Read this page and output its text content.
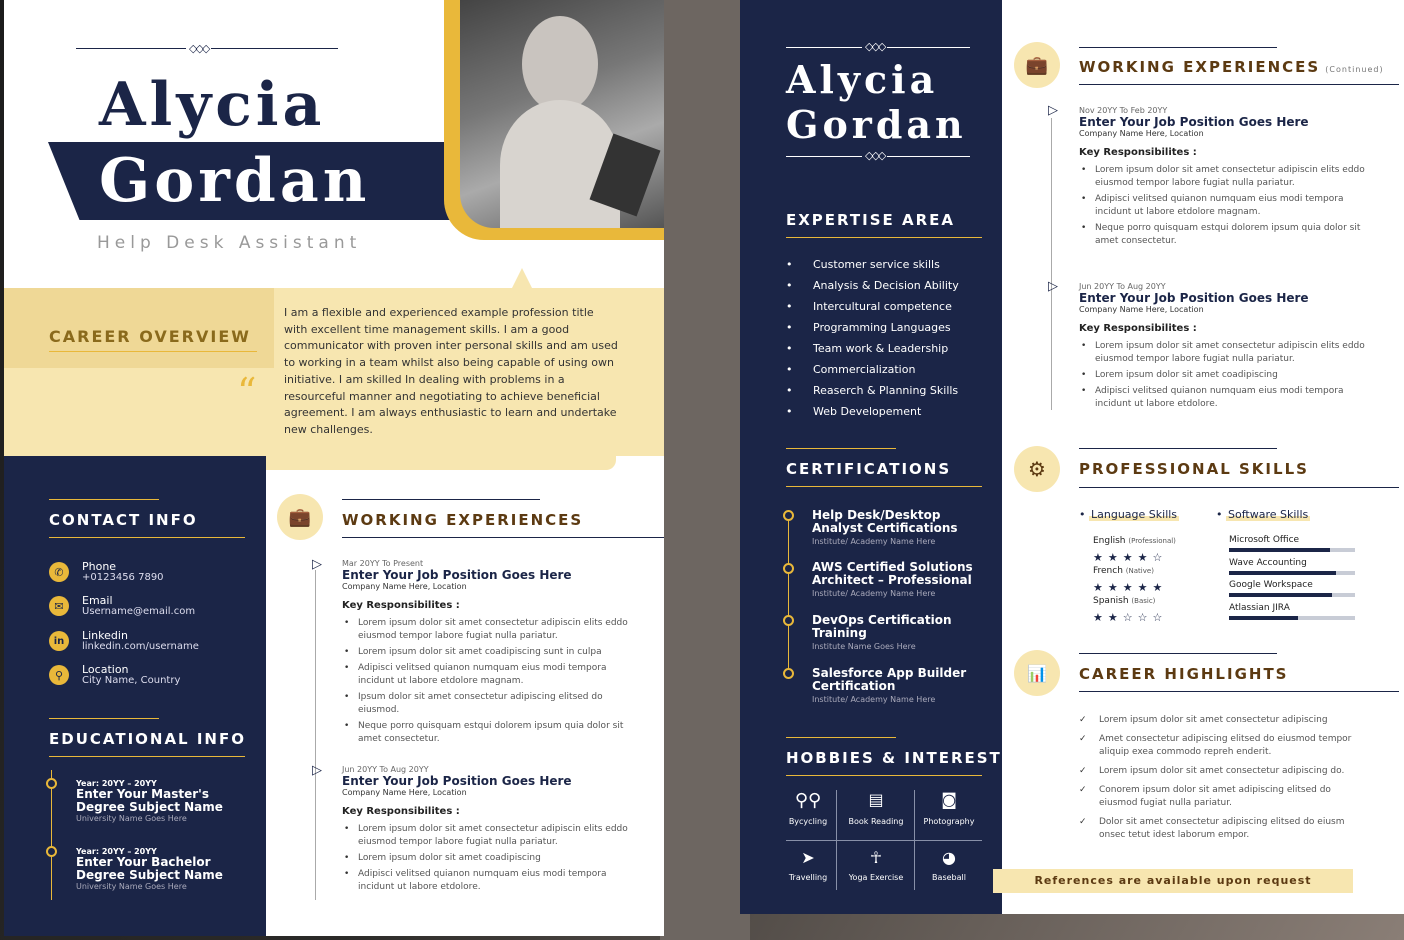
◇◇◇
Alycia
Gordan
Help Desk Assistant
CAREER OVERVIEW
“
I am a flexible and experienced example profession title with excellent time management skills. I am a good communicator with proven inter personal skills and am used to working in a team whilst also being capable of using own initiative. I am skilled In dealing with problems in a resourceful manner and negotiating to achieve beneficial agreement. I am always enthusiastic to learn and undertake new challenges.
CONTACT INFO
✆	Phone
+0123456 7890
✉	Email
Username@email.com
in	Linkedin
linkedin.com/username
⚲	Location
City Name, Country
EDUCATIONAL INFO
Year: 20YY – 20YY
Enter Your Master's Degree Subject Name
University Name Goes Here
Year: 20YY – 20YY
Enter Your Bachelor Degree Subject Name
University Name Goes Here
💼 WORKING EXPERIENCES
▷	Mar 20YY To Present
Enter Your Job Position Goes Here
Company Name Here, Location
Key Responsibilites :
• Lorem ipsum dolor sit amet consectetur adipiscin elits eddo eiusmod tempor labore fugiat nulla pariatur.
• Lorem ipsum dolor sit amet coadipiscing sunt in culpa
• Adipisci velitsed quianon numquam eius modi tempora incidunt ut labore etdolore magnam.
• Ipsum dolor sit amet consectetur adipiscing elitsed do eiusmod.
• Neque porro quisquam estqui dolorem ipsum quia dolor sit amet consectetur.
▷	Jun 20YY To Aug 20YY
Enter Your Job Position Goes Here
Company Name Here, Location
Key Responsibilites :
• Lorem ipsum dolor sit amet consectetur adipiscin elits eddo eiusmod tempor labore fugiat nulla pariatur.
• Lorem ipsum dolor sit amet coadipiscing
• Adipisci velitsed quianon numquam eius modi tempora incidunt ut labore etdolore.
◇◇◇
Alycia
Gordan
◇◇◇
EXPERTISE AREA
• Customer service skills
• Analysis & Decision Ability
• Intercultural competence
• Programming Languages
• Team work & Leadership
• Commercialization
• Reaserch & Planning Skills
• Web Developement
CERTIFICATIONS
Help Desk/Desktop Analyst Certifications
Institute/ Academy Name Here
AWS Certified Solutions Architect – Professional
Institute/ Academy Name Here
DevOps Certification Training
Institute Name Goes Here
Salesforce App Builder Certification
Institute/ Academy Name Here
HOBBIES & INTEREST
⚲⚲
Bycycling
▤
Book Reading
◙
Photography
➤
Travelling
☥
Yoga Exercise
◕
Baseball
💼 WORKING EXPERIENCES (Continued)
▷	Nov 20YY To Feb 20YY
Enter Your Job Position Goes Here
Company Name Here, Location
Key Responsibilites :
• Lorem ipsum dolor sit amet consectetur adipiscin elits eddo eiusmod tempor labore fugiat nulla pariatur.
• Adipisci velitsed quianon numquam eius modi tempora incidunt ut labore etdolore magnam.
• Neque porro quisquam estqui dolorem ipsum quia dolor sit amet consectetur.
▷	Jun 20YY To Aug 20YY
Enter Your Job Position Goes Here
Company Name Here, Location
Key Responsibilites :
• Lorem ipsum dolor sit amet consectetur adipiscin elits eddo eiusmod tempor labore fugiat nulla pariatur.
• Lorem ipsum dolor sit amet coadipiscing
• Adipisci velitsed quianon numquam eius modi tempora incidunt ut labore etdolore.
⚙ PROFESSIONAL SKILLS
• Language Skills
English (Professional)
★ ★ ★ ★ ☆
French (Native)
★ ★ ★ ★ ★
Spanish (Basic)
★ ★ ☆ ☆ ☆
• Software Skills
Microsoft Office
Wave Accounting
Google Workspace
Atlassian JIRA
📊 CAREER HIGHLIGHTS
✓ Lorem ipsum dolor sit amet consectetur adipiscing
✓ Amet consectetur adipiscing elitsed do eiusmod tempor aliquip exea commodo repreh enderit.
✓ Lorem ipsum dolor sit amet consectetur adipiscing do.
✓ Conorem ipsum dolor sit amet adipiscing elitsed do eiusmod fugiat nulla pariatur.
✓ Dolor sit amet consectetur adipiscing elitsed do eiusm onsec tetut idest laborum empor.
References are available upon request
